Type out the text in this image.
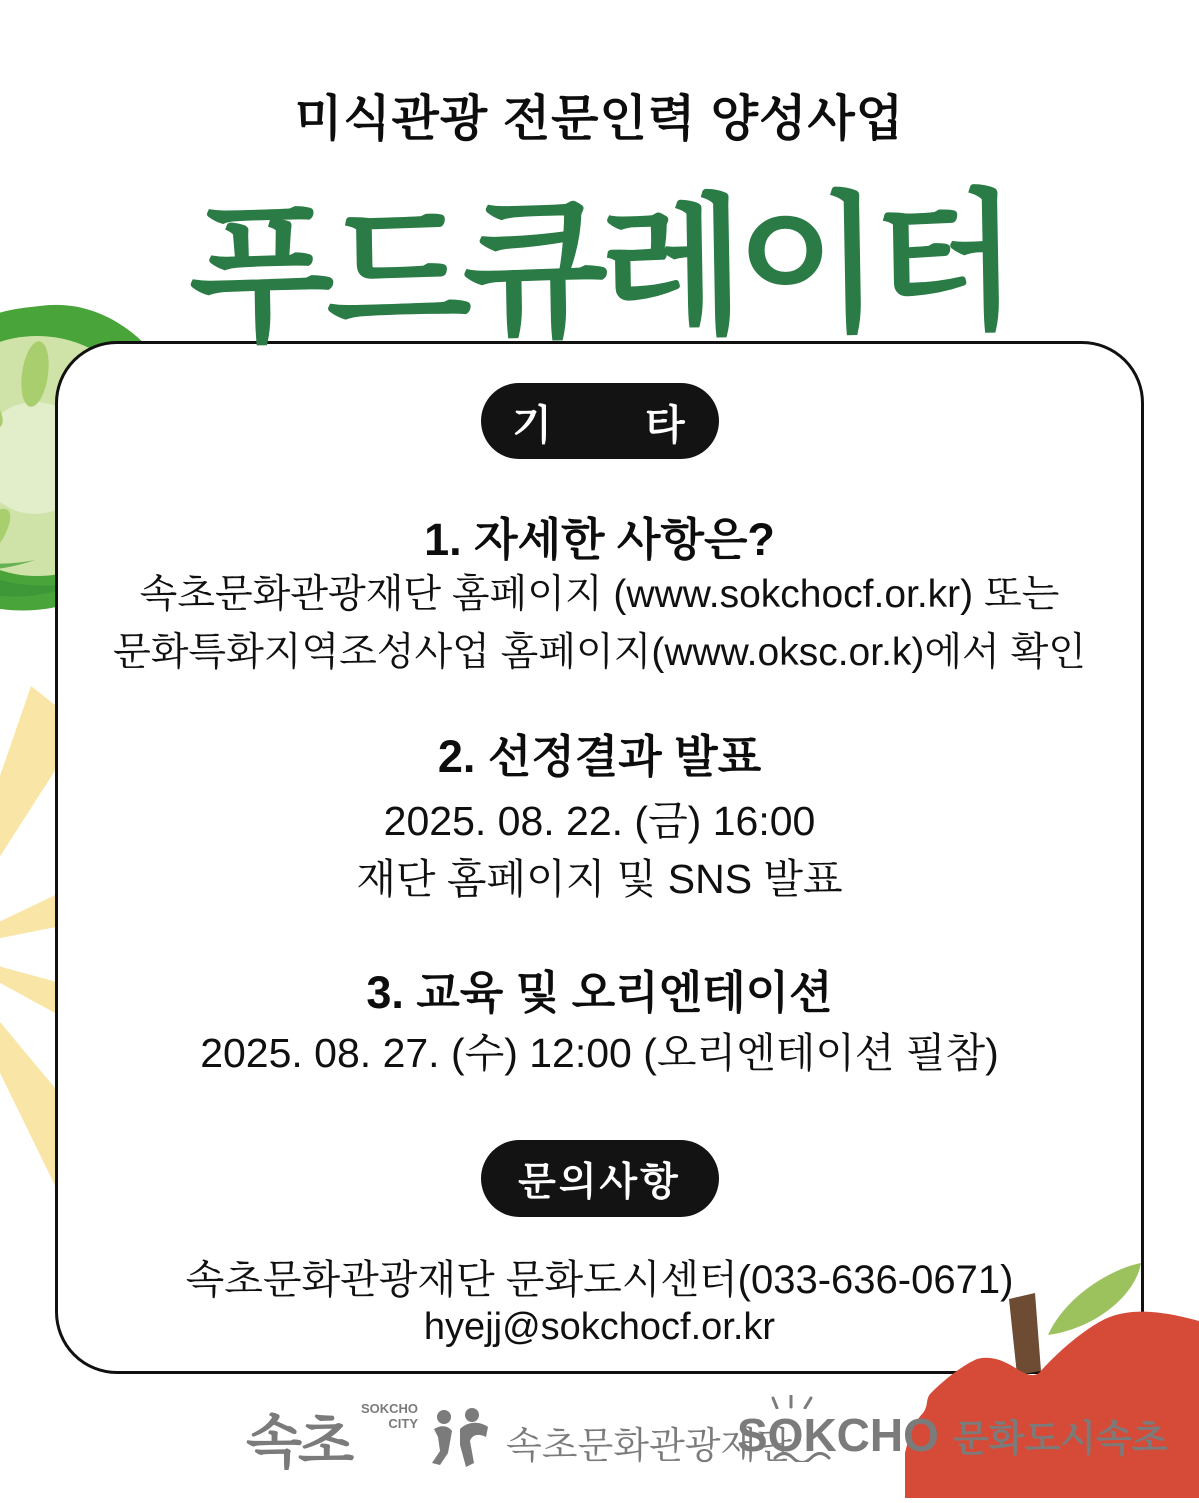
미식관광 전문인력 양성사업
푸드큐레이터
기 타
1. 자세한 사항은?
속초문화관광재단 홈페이지 (www.sokchocf.or.kr) 또는
문화특화지역조성사업 홈페이지(www.oksc.or.k)에서 확인
2. 선정결과 발표
2025. 08. 22. (금) 16:00
재단 홈페이지 및 SNS 발표
3. 교육 및 오리엔테이션
2025. 08. 27. (수) 12:00 (오리엔테이션 필참)
문의사항
속초문화관광재단 문화도시센터(033-636-0671)
hyejj@sokchocf.or.kr
속초
SOKCHO CITY
속초문화관광재단
SOKCHO 문화도시속초
